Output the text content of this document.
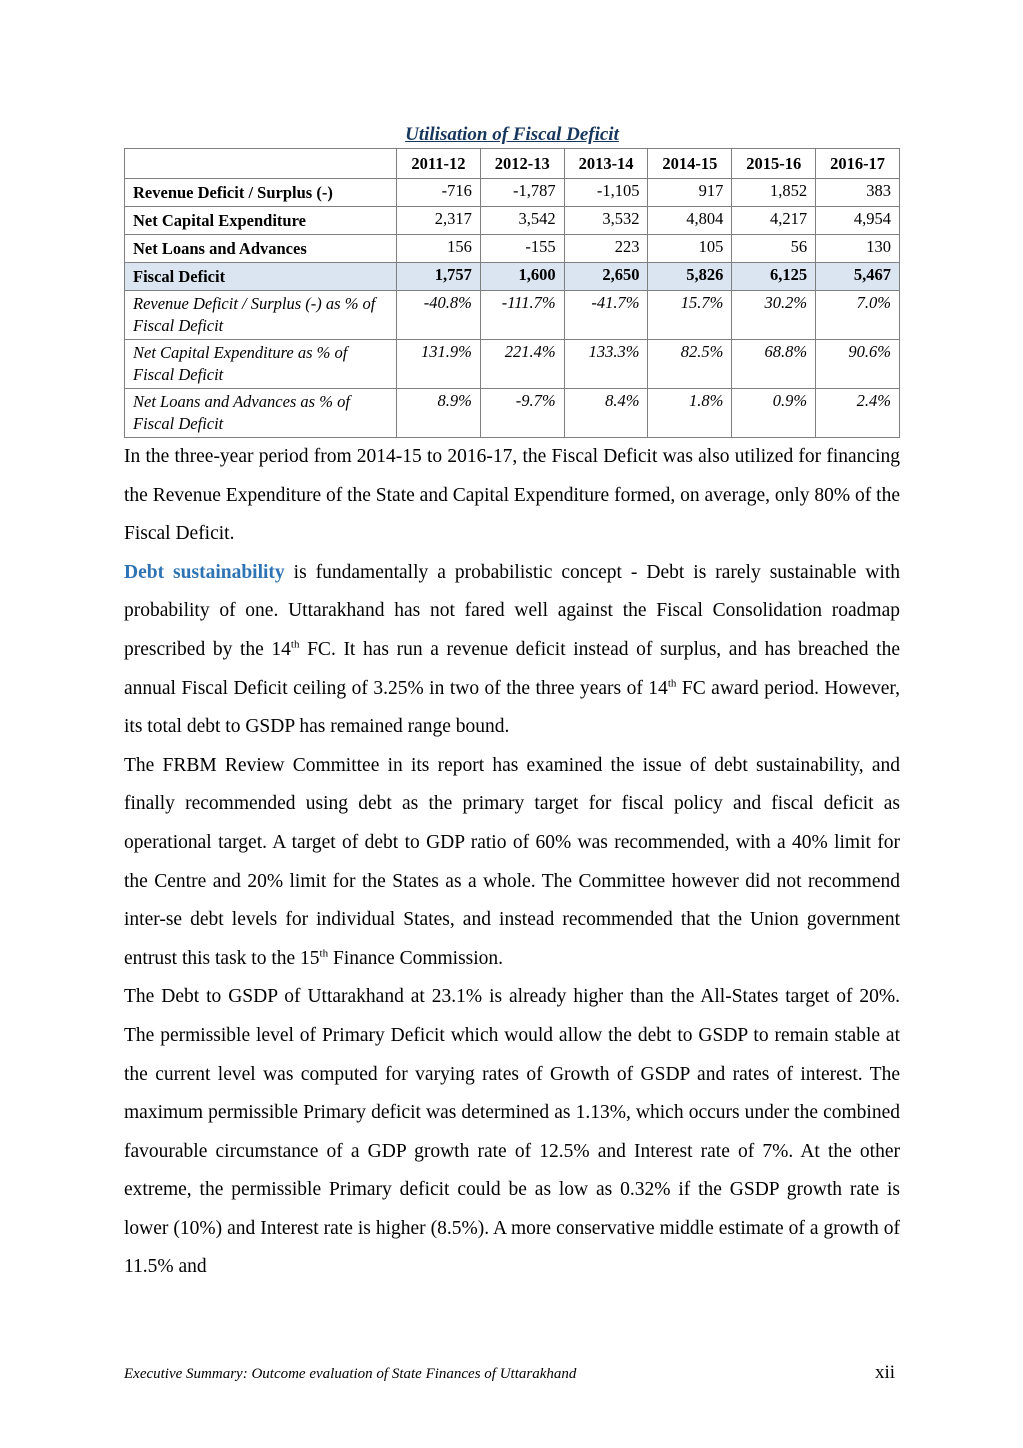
Utilisation of Fiscal Deficit
	2011-12	2012-13	2013-14	2014-15	2015-16	2016-17
Revenue Deficit / Surplus (-)	-716	-1,787	-1,105	917	1,852	383
Net Capital Expenditure	2,317	3,542	3,532	4,804	4,217	4,954
Net Loans and Advances	156	-155	223	105	56	130
Fiscal Deficit	1,757	1,600	2,650	5,826	6,125	5,467
Revenue Deficit / Surplus (-) as % of Fiscal Deficit	-40.8%	-111.7%	-41.7%	15.7%	30.2%	7.0%
Net Capital Expenditure as % of Fiscal Deficit	131.9%	221.4%	133.3%	82.5%	68.8%	90.6%
Net Loans and Advances as % of Fiscal Deficit	8.9%	-9.7%	8.4%	1.8%	0.9%	2.4%

In the three-year period from 2014-15 to 2016-17, the Fiscal Deficit was also utilized for financing the Revenue Expenditure of the State and Capital Expenditure formed, on average, only 80% of the Fiscal Deficit.

Debt sustainability is fundamentally a probabilistic concept - Debt is rarely sustainable with probability of one. Uttarakhand has not fared well against the Fiscal Consolidation roadmap prescribed by the 14th FC. It has run a revenue deficit instead of surplus, and has breached the annual Fiscal Deficit ceiling of 3.25% in two of the three years of 14th FC award period. However, its total debt to GSDP has remained range bound.

The FRBM Review Committee in its report has examined the issue of debt sustainability, and finally recommended using debt as the primary target for fiscal policy and fiscal deficit as operational target. A target of debt to GDP ratio of 60% was recommended, with a 40% limit for the Centre and 20% limit for the States as a whole. The Committee however did not recommend inter-se debt levels for individual States, and instead recommended that the Union government entrust this task to the 15th Finance Commission.

The Debt to GSDP of Uttarakhand at 23.1% is already higher than the All-States target of 20%. The permissible level of Primary Deficit which would allow the debt to GSDP to remain stable at the current level was computed for varying rates of Growth of GSDP and rates of interest. The maximum permissible Primary deficit was determined as 1.13%, which occurs under the combined favourable circumstance of a GDP growth rate of 12.5% and Interest rate of 7%. At the other extreme, the permissible Primary deficit could be as low as 0.32% if the GSDP growth rate is lower (10%) and Interest rate is higher (8.5%). A more conservative middle estimate of a growth of 11.5% and

Executive Summary: Outcome evaluation of State Finances of Uttarakhand	xii
